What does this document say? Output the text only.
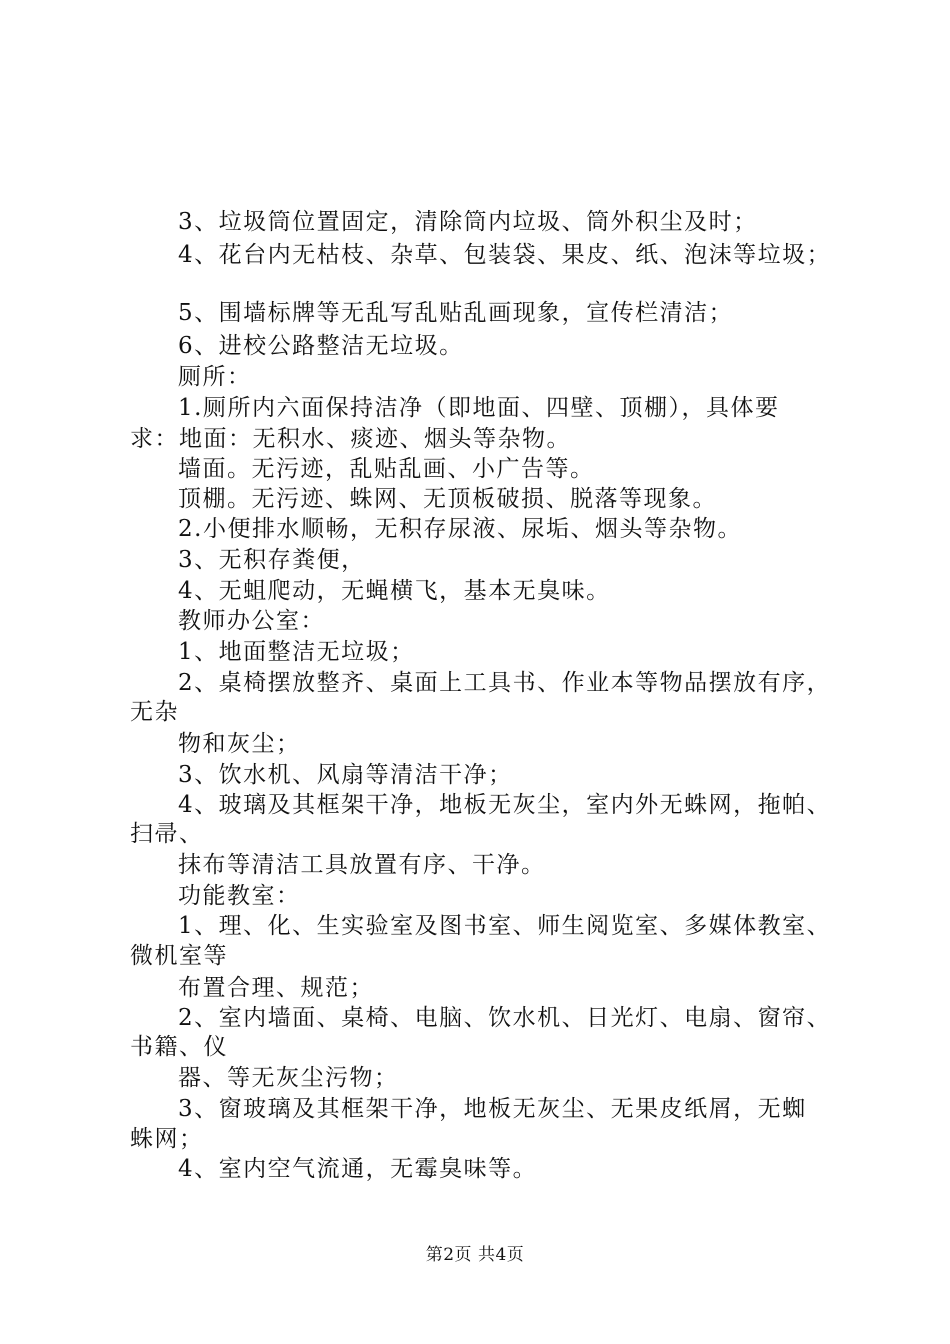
3、垃圾筒位置固定，清除筒内垃圾、筒外积尘及时；
4、花台内无枯枝、杂草、包装袋、果皮、纸、泡沫等垃圾；
5、围墙标牌等无乱写乱贴乱画现象，宣传栏清洁；
6、进校公路整洁无垃圾。
厕所：
1.厕所内六面保持洁净（即地面、四壁、顶棚），具体要
求：地面：无积水、痰迹、烟头等杂物。
墙面。无污迹，乱贴乱画、小广告等。
顶棚。无污迹、蛛网、无顶板破损、脱落等现象。
2.小便排水顺畅，无积存尿液、尿垢、烟头等杂物。
3、无积存粪便，
4、无蛆爬动，无蝇横飞，基本无臭味。
教师办公室：
1、地面整洁无垃圾；
2、桌椅摆放整齐、桌面上工具书、作业本等物品摆放有序，
无杂
物和灰尘；
3、饮水机、风扇等清洁干净；
4、玻璃及其框架干净，地板无灰尘，室内外无蛛网，拖帕、
扫帚、
抹布等清洁工具放置有序、干净。
功能教室：
1、理、化、生实验室及图书室、师生阅览室、多媒体教室、
微机室等
布置合理、规范；
2、室内墙面、桌椅、电脑、饮水机、日光灯、电扇、窗帘、
书籍、仪
器、等无灰尘污物；
3、窗玻璃及其框架干净，地板无灰尘、无果皮纸屑，无蜘
蛛网；
4、室内空气流通，无霉臭味等。
第2页 共4页
